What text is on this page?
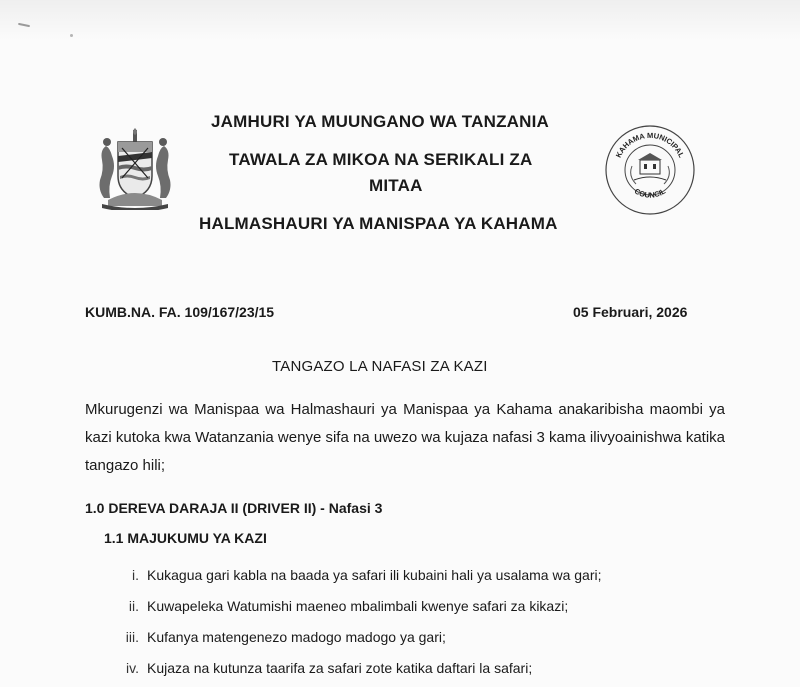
KAHAMA MUNICIPAL
COUNCIL
JAMHURI YA MUUNGANO WA TANZANIA
TAWALA ZA MIKOA NA SERIKALI ZA
MITAA
HALMASHAURI YA MANISPAA YA KAHAMA
KUMB.NA. FA. 109/167/23/15	05 Februari, 2026
TANGAZO LA NAFASI ZA KAZI
Mkurugenzi wa Manispaa wa Halmashauri ya Manispaa ya Kahama anakaribisha maombi ya kazi kutoka kwa Watanzania wenye sifa na uwezo wa kujaza nafasi 3 kama ilivyoainishwa katika tangazo hili;
1.0 DEREVA DARAJA II (DRIVER II) - Nafasi 3
1.1 MAJUKUMU YA KAZI
i. Kukagua gari kabla na baada ya safari ili kubaini hali ya usalama wa gari;
ii. Kuwapeleka Watumishi maeneo mbalimbali kwenye safari za kikazi;
iii. Kufanya matengenezo madogo madogo ya gari;
iv. Kujaza na kutunza taarifa za safari zote katika daftari la safari;
